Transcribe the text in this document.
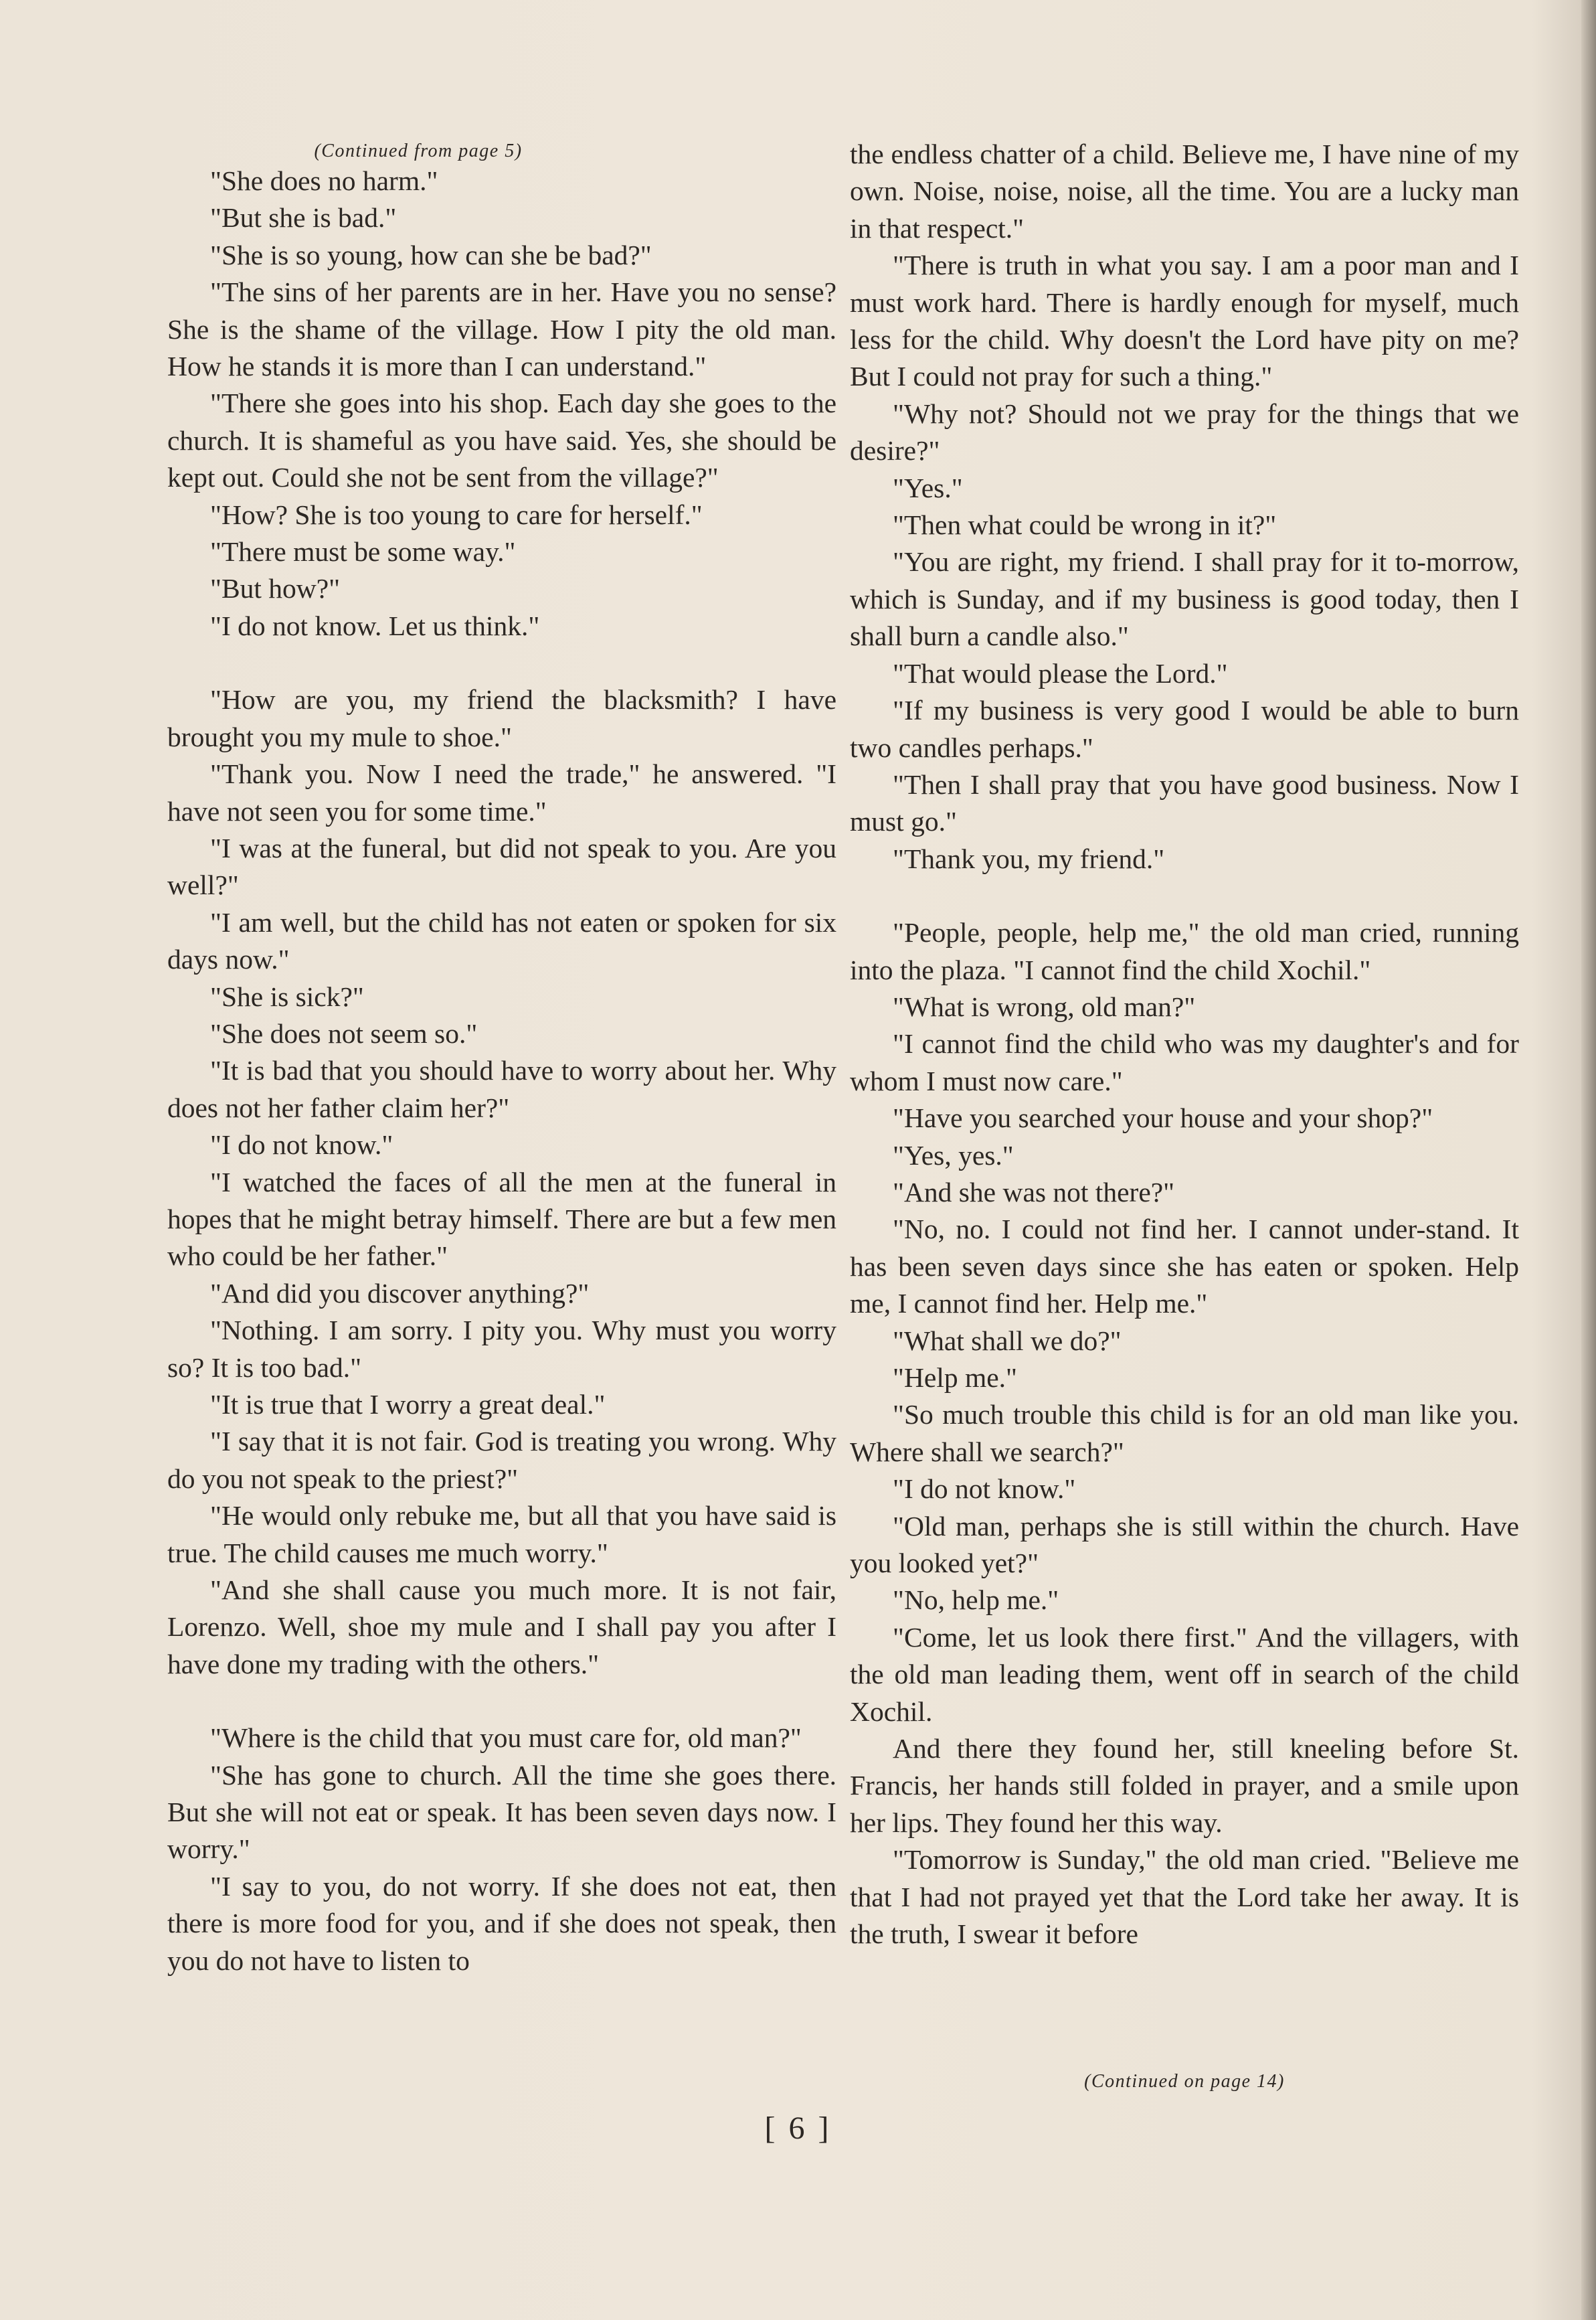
(Continued from page 5)

"She does no harm."

"But she is bad."

"She is so young, how can she be bad?"

"The sins of her parents are in her. Have you no sense? She is the shame of the village. How I pity the old man. How he stands it is more than I can understand."

"There she goes into his shop. Each day she goes to the church. It is shameful as you have said. Yes, she should be kept out. Could she not be sent from the village?"

"How? She is too young to care for herself."

"There must be some way."

"But how?"

"I do not know. Let us think."

"How are you, my friend the blacksmith? I have brought you my mule to shoe."

"Thank you. Now I need the trade," he answered. "I have not seen you for some time."

"I was at the funeral, but did not speak to you. Are you well?"

"I am well, but the child has not eaten or spoken for six days now."

"She is sick?"

"She does not seem so."

"It is bad that you should have to worry about her. Why does not her father claim her?"

"I do not know."

"I watched the faces of all the men at the funeral in hopes that he might betray himself. There are but a few men who could be her father."

"And did you discover anything?"

"Nothing. I am sorry. I pity you. Why must you worry so? It is too bad."

"It is true that I worry a great deal."

"I say that it is not fair. God is treating you wrong. Why do you not speak to the priest?"

"He would only rebuke me, but all that you have said is true. The child causes me much worry."

"And she shall cause you much more. It is not fair, Lorenzo. Well, shoe my mule and I shall pay you after I have done my trading with the others."

"Where is the child that you must care for, old man?"

"She has gone to church. All the time she goes there. But she will not eat or speak. It has been seven days now. I worry."

"I say to you, do not worry. If she does not eat, then there is more food for you, and if she does not speak, then you do not have to listen to

the endless chatter of a child. Believe me, I have nine of my own. Noise, noise, noise, all the time. You are a lucky man in that respect."

"There is truth in what you say. I am a poor man and I must work hard. There is hardly enough for myself, much less for the child. Why doesn't the Lord have pity on me? But I could not pray for such a thing."

"Why not? Should not we pray for the things that we desire?"

"Yes."

"Then what could be wrong in it?"

"You are right, my friend. I shall pray for it to-morrow, which is Sunday, and if my business is good today, then I shall burn a candle also."

"That would please the Lord."

"If my business is very good I would be able to burn two candles perhaps."

"Then I shall pray that you have good business. Now I must go."

"Thank you, my friend."

"People, people, help me," the old man cried, running into the plaza. "I cannot find the child Xochil."

"What is wrong, old man?"

"I cannot find the child who was my daughter's and for whom I must now care."

"Have you searched your house and your shop?"

"Yes, yes."

"And she was not there?"

"No, no. I could not find her. I cannot under-stand. It has been seven days since she has eaten or spoken. Help me, I cannot find her. Help me."

"What shall we do?"

"Help me."

"So much trouble this child is for an old man like you. Where shall we search?"

"I do not know."

"Old man, perhaps she is still within the church. Have you looked yet?"

"No, help me."

"Come, let us look there first." And the villagers, with the old man leading them, went off in search of the child Xochil.

And there they found her, still kneeling before St. Francis, her hands still folded in prayer, and a smile upon her lips. They found her this way.

"Tomorrow is Sunday," the old man cried. "Believe me that I had not prayed yet that the Lord take her away. It is the truth, I swear it before

(Continued on page 14)
[ 6 ]
